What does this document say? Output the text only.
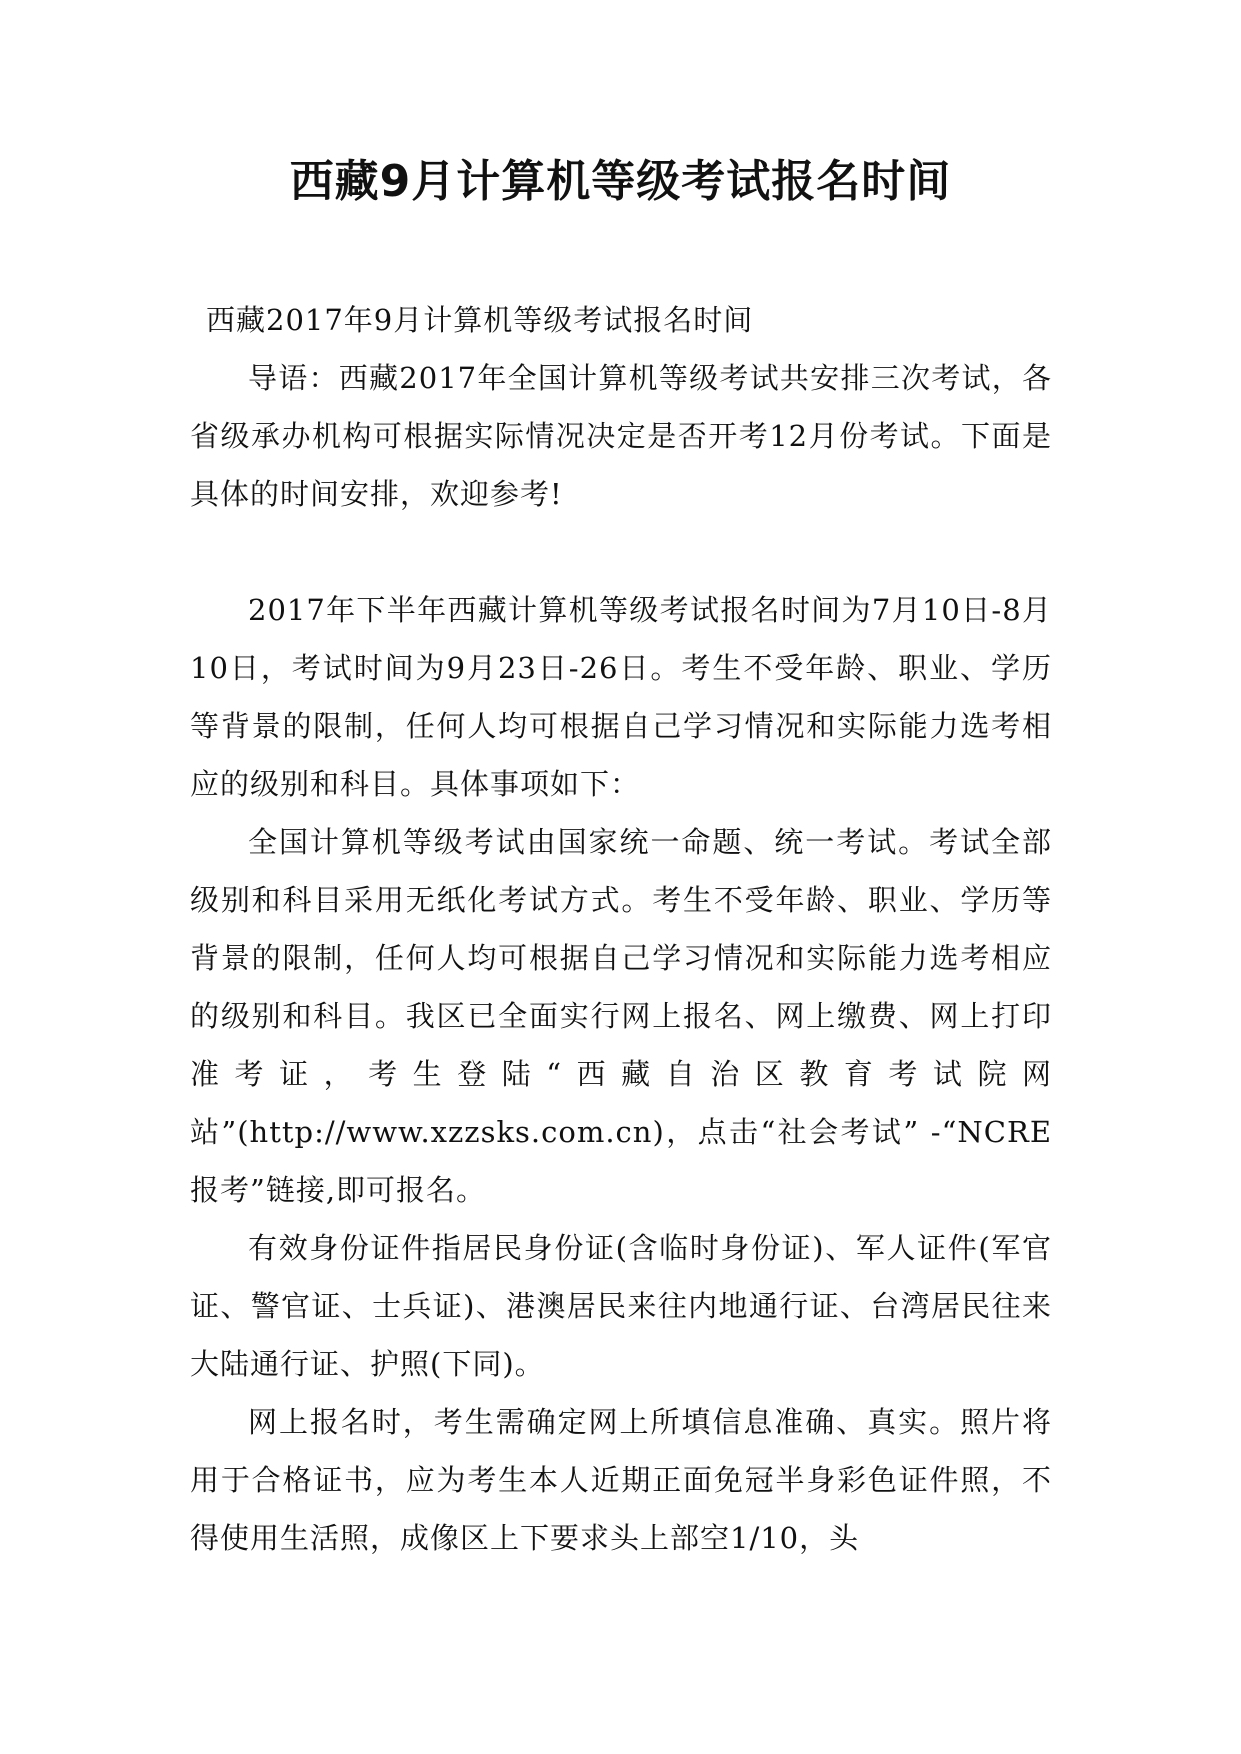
西藏9月计算机等级考试报名时间

西藏2017年9月计算机等级考试报名时间

导语：西藏2017年全国计算机等级考试共安排三次考试，各省级承办机构可根据实际情况决定是否开考12月份考试。下面是具体的时间安排，欢迎参考!

2017年下半年西藏计算机等级考试报名时间为7月10日-8月10日，考试时间为9月23日-26日。考生不受年龄、职业、学历等背景的限制，任何人均可根据自己学习情况和实际能力选考相应的级别和科目。具体事项如下：

全国计算机等级考试由国家统一命题、统一考试。考试全部级别和科目采用无纸化考试方式。考生不受年龄、职业、学历等背景的限制，任何人均可根据自己学习情况和实际能力选考相应的级别和科目。我区已全面实行网上报名、网上缴费、网上打印准考证，考生登陆“西藏自治区教育考试院网站”(http://www.xzzsks.com.cn)，点击“社会考试” -“NCRE报考”链接,即可报名。

有效身份证件指居民身份证(含临时身份证)、军人证件(军官证、警官证、士兵证)、港澳居民来往内地通行证、台湾居民往来大陆通行证、护照(下同)。

网上报名时，考生需确定网上所填信息准确、真实。照片将用于合格证书，应为考生本人近期正面免冠半身彩色证件照，不得使用生活照，成像区上下要求头上部空1/10，头
